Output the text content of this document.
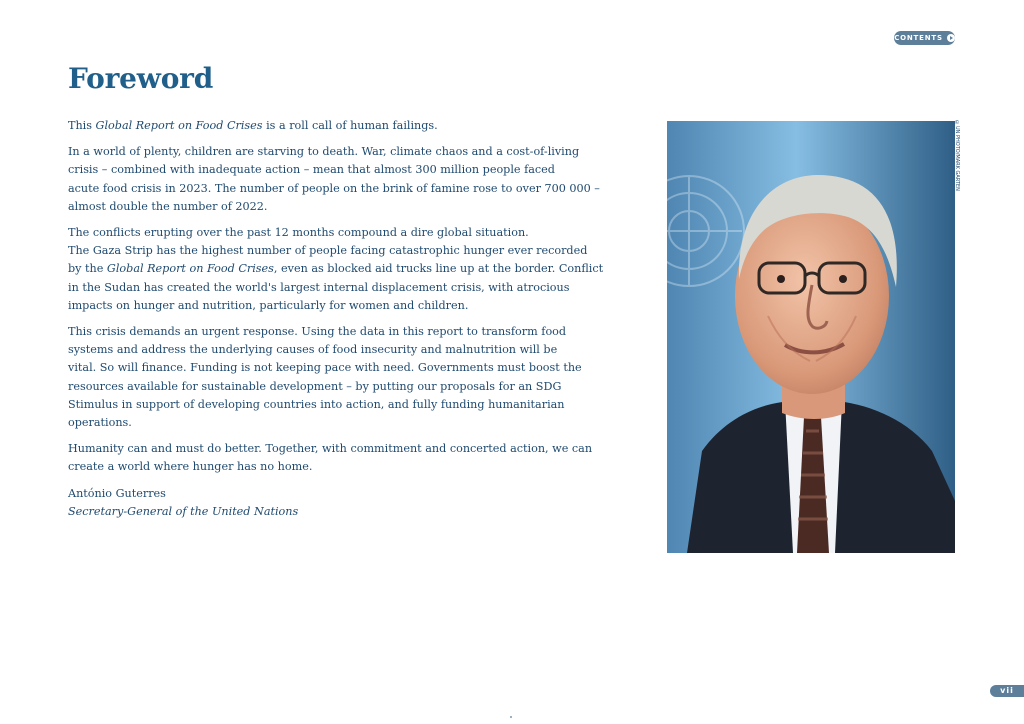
CONTENTS
Foreword

This Global Report on Food Crises is a roll call of human failings.

In a world of plenty, children are starving to death. War, climate chaos and a cost-of-living
crisis – combined with inadequate action – mean that almost 300 million people faced
acute food crisis in 2023. The number of people on the brink of famine rose to over 700 000 –
almost double the number of 2022.

The conflicts erupting over the past 12 months compound a dire global situation.
The Gaza Strip has the highest number of people facing catastrophic hunger ever recorded
by the Global Report on Food Crises, even as blocked aid trucks line up at the border. Conflict
in the Sudan has created the world's largest internal displacement crisis, with atrocious
impacts on hunger and nutrition, particularly for women and children.

This crisis demands an urgent response. Using the data in this report to transform food
systems and address the underlying causes of food insecurity and malnutrition will be
vital. So will finance. Funding is not keeping pace with need. Governments must boost the
resources available for sustainable development – by putting our proposals for an SDG
Stimulus in support of developing countries into action, and fully funding humanitarian
operations.

Humanity can and must do better. Together, with commitment and concerted action, we can
create a world where hunger has no home.

António Guterres
Secretary-General of the United Nations

©UN PHOTO/MARK GARTEN
vii
